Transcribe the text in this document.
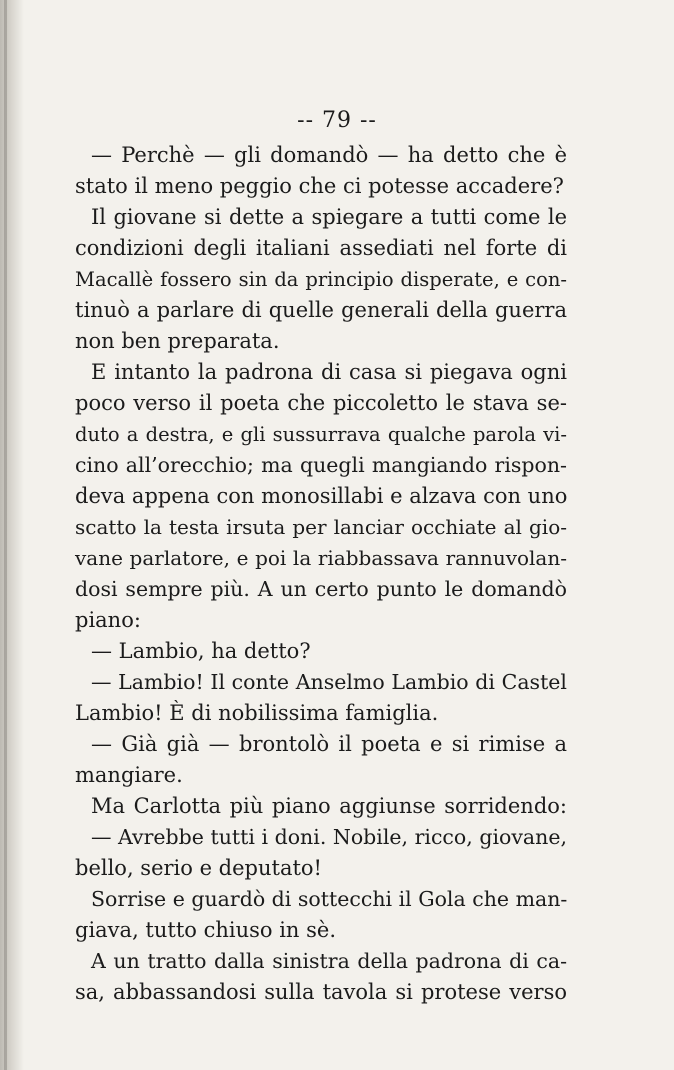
-- 79 --
— Perchè — gli domandò — ha detto che è
stato il meno peggio che ci potesse accadere?
Il giovane si dette a spiegare a tutti come le
condizioni degli italiani assediati nel forte di
Macallè fossero sin da principio disperate, e con-
tinuò a parlare di quelle generali della guerra
non ben preparata.
E intanto la padrona di casa si piegava ogni
poco verso il poeta che piccoletto le stava se-
duto a destra, e gli sussurrava qualche parola vi-
cino all’orecchio; ma quegli mangiando rispon-
deva appena con monosillabi e alzava con uno
scatto la testa irsuta per lanciar occhiate al gio-
vane parlatore, e poi la riabbassava rannuvolan-
dosi sempre più. A un certo punto le domandò
piano:
— Lambio, ha detto?
— Lambio! Il conte Anselmo Lambio di Castel
Lambio! È di nobilissima famiglia.
— Già già — brontolò il poeta e si rimise a
mangiare.
Ma Carlotta più piano aggiunse sorridendo:
— Avrebbe tutti i doni. Nobile, ricco, giovane,
bello, serio e deputato!
Sorrise e guardò di sottecchi il Gola che man-
giava, tutto chiuso in sè.
A un tratto dalla sinistra della padrona di ca-
sa, abbassandosi sulla tavola si protese verso
